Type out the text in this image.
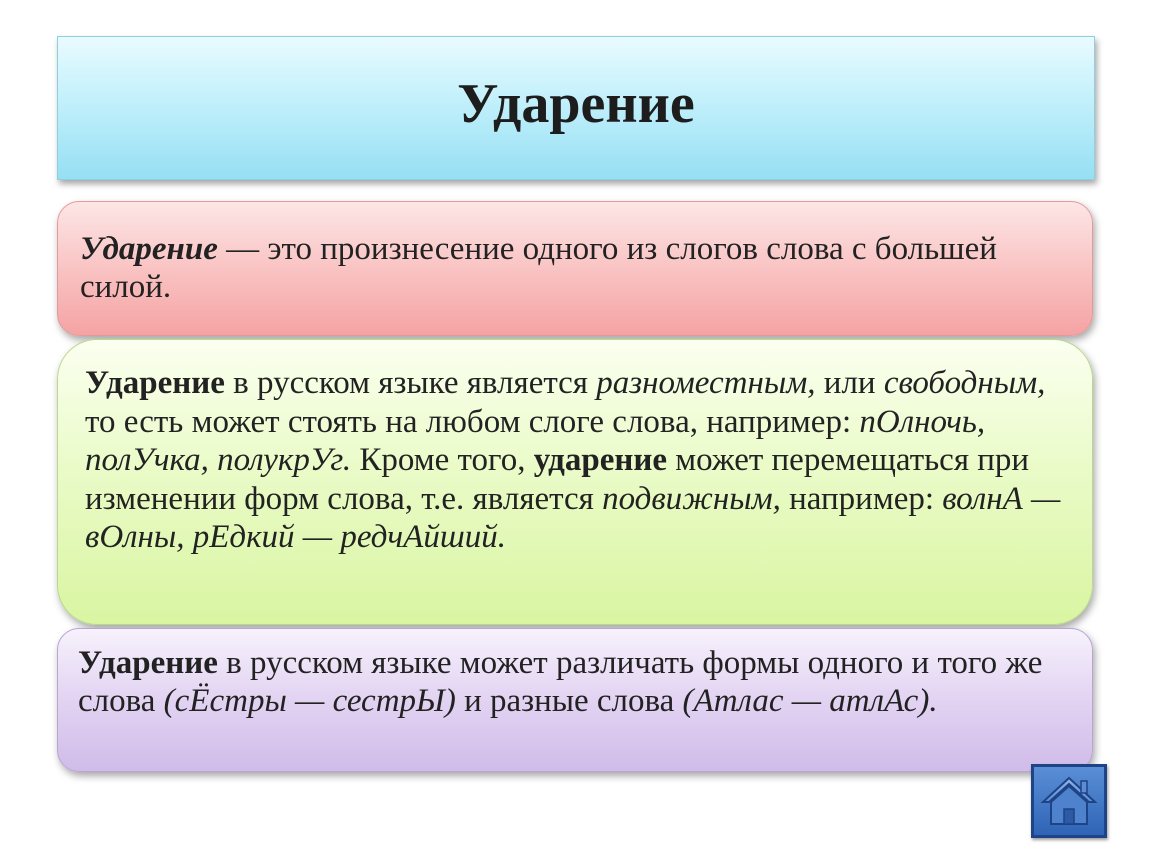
Ударение

Ударение — это произнесение одного из слогов слова с большей силой.

Ударение в русском языке является разноместным, или свободным, то есть может стоять на любом слоге слова, например: пОлночь, полУчка, полукрУг. Кроме того, ударение может перемещаться при изменении форм слова, т.е. является подвижным, например: волнА — вОлны, рЕдкий — редчАйший.

Ударение в русском языке может различать формы одного и того же слова (сЁстры — сестрЫ) и разные слова (Атлас — атлАс).
